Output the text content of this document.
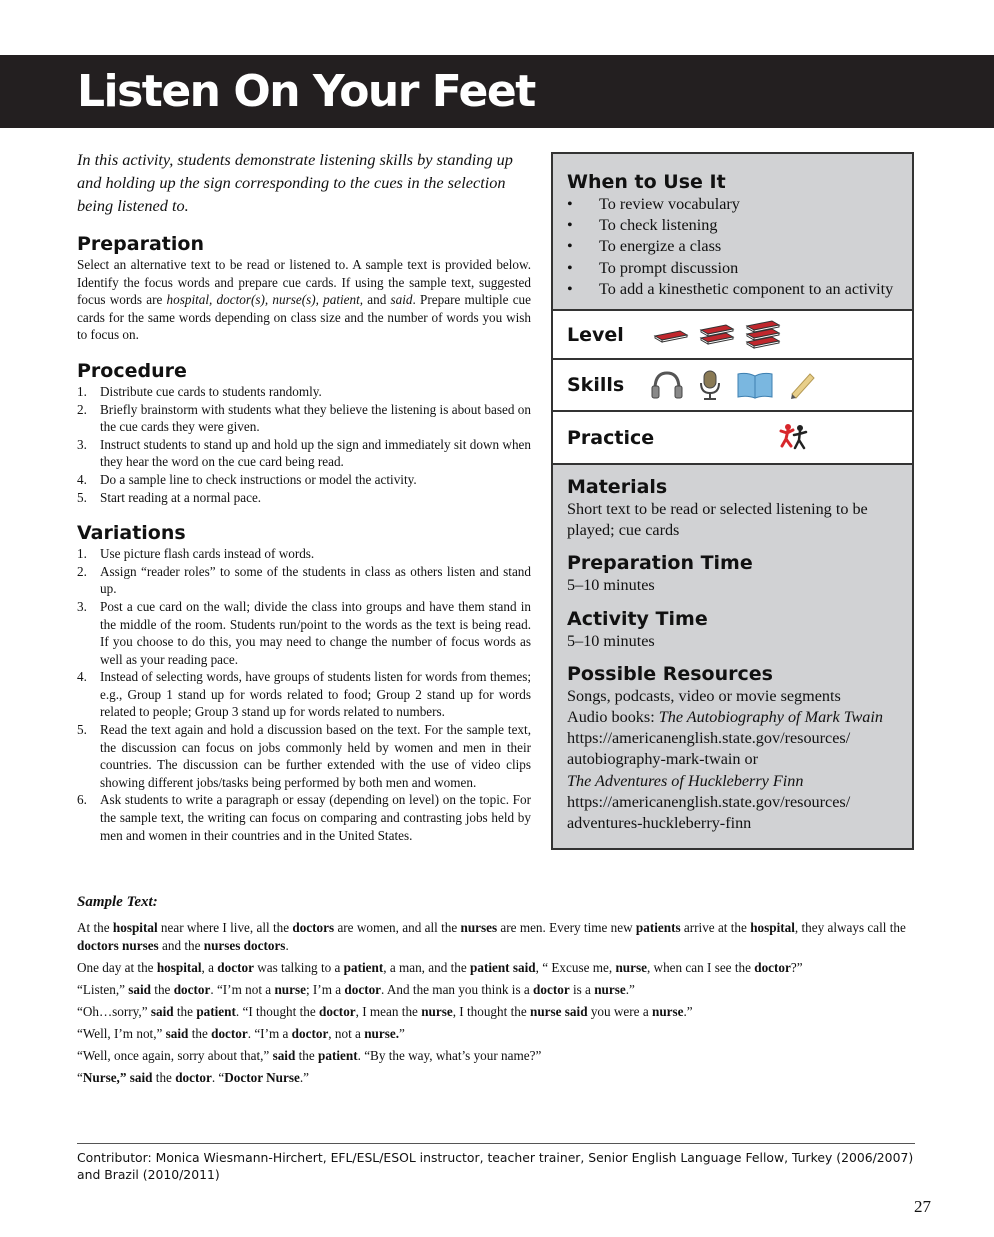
Listen On Your Feet

In this activity, students demonstrate listening skills by standing up and holding up the sign corresponding to the cues in the selection being listened to.

Preparation

Select an alternative text to be read or listened to. A sample text is provided below. Identify the focus words and prepare cue cards. If using the sample text, suggested focus words are hospital, doctor(s), nurse(s), patient, and said. Prepare multiple cue cards for the same words depending on class size and the number of words you wish to focus on.

Procedure
1. Distribute cue cards to students randomly.
2. Briefly brainstorm with students what they believe the listening is about based on the cue cards they were given.
3. Instruct students to stand up and hold up the sign and immediately sit down when they hear the word on the cue card being read.
4. Do a sample line to check instructions or model the activity.
5. Start reading at a normal pace.
Variations
1. Use picture flash cards instead of words.
2. Assign “reader roles” to some of the students in class as others listen and stand up.
3. Post a cue card on the wall; divide the class into groups and have them stand in the middle of the room. Students run/point to the words as the text is being read. If you choose to do this, you may need to change the number of focus words as well as your reading pace.
4. Instead of selecting words, have groups of students listen for words from themes; e.g., Group 1 stand up for words related to food; Group 2 stand up for words related to people; Group 3 stand up for words related to numbers.
5. Read the text again and hold a discussion based on the text. For the sample text, the discussion can focus on jobs commonly held by women and men in their countries. The discussion can be further extended with the use of video clips showing different jobs/tasks being performed by both men and women.
6. Ask students to write a paragraph or essay (depending on level) on the topic. For the sample text, the writing can focus on comparing and contrasting jobs held by men and women in their countries and in the United States.
When to Use It
• To review vocabulary
• To check listening
• To energize a class
• To prompt discussion
• To add a kinesthetic component to an activity
Level
Skills
Practice
Materials
Short text to be read or selected listening to be played; cue cards
Preparation Time
5–10 minutes
Activity Time
5–10 minutes
Possible Resources
Songs, podcasts, video or movie segments
Audio books: The Autobiography of Mark Twain
https://americanenglish.state.gov/resources/
autobiography-mark-twain or
The Adventures of Huckleberry Finn
https://americanenglish.state.gov/resources/
adventures-huckleberry-finn

Sample Text:

At the hospital near where I live, all the doctors are women, and all the nurses are men. Every time new patients arrive at the hospital, they always call the doctors nurses and the nurses doctors.

One day at the hospital, a doctor was talking to a patient, a man, and the patient said, “ Excuse me, nurse, when can I see the doctor?”

“Listen,” said the doctor. “I’m not a nurse; I’m a doctor. And the man you think is a doctor is a nurse.”

“Oh…sorry,” said the patient. “I thought the doctor, I mean the nurse, I thought the nurse said you were a nurse.”

“Well, I’m not,” said the doctor. “I’m a doctor, not a nurse.”

“Well, once again, sorry about that,” said the patient. “By the way, what’s your name?”

“Nurse,” said the doctor. “Doctor Nurse.”

Contributor: Monica Wiesmann-Hirchert, EFL/ESL/ESOL instructor, teacher trainer, Senior English Language Fellow, Turkey (2006/2007) and Brazil (2010/2011)
27
